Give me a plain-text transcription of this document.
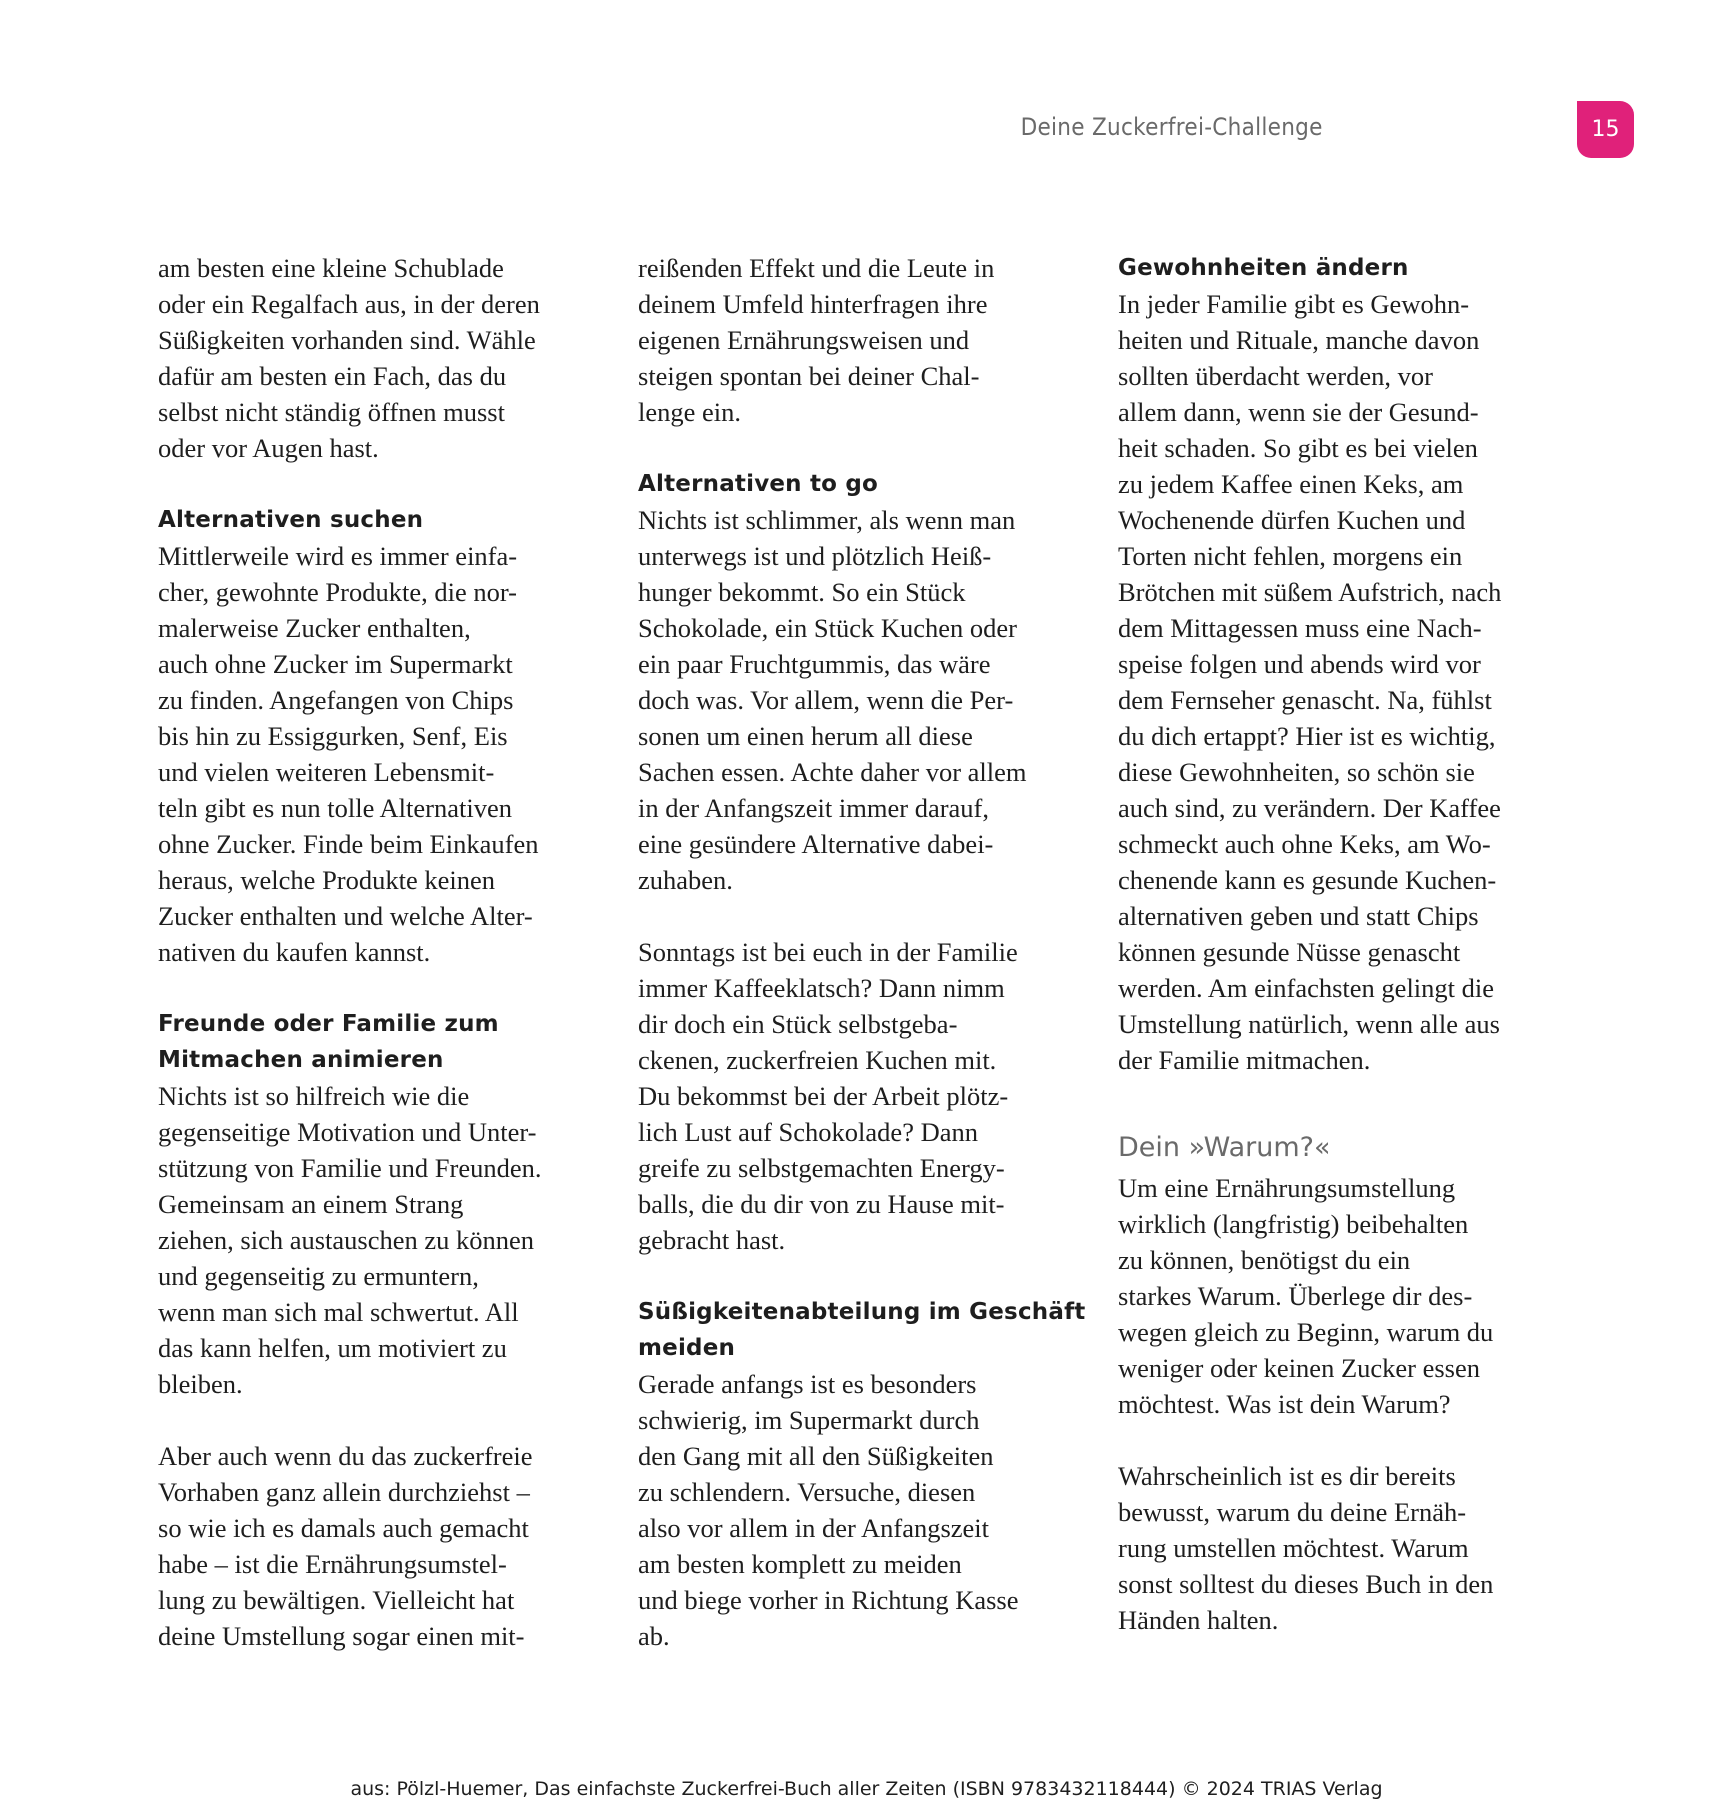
Deine Zuckerfrei-Challenge	15
am besten eine kleine Schublade
oder ein Regalfach aus, in der deren
Süßigkeiten vorhanden sind. Wähle
dafür am besten ein Fach, das du
selbst nicht ständig öffnen musst
oder vor Augen hast.
Alternativen suchen
Mittlerweile wird es immer einfa-
cher, gewohnte Produkte, die nor-
malerweise Zucker enthalten,
auch ohne Zucker im Supermarkt
zu finden. Angefangen von Chips
bis hin zu Essiggurken, Senf, Eis
und vielen weiteren Lebensmit-
teln gibt es nun tolle Alternativen
ohne Zucker. Finde beim Einkaufen
heraus, welche Produkte keinen
Zucker enthalten und welche Alter-
nativen du kaufen kannst.
Freunde oder Familie zum
Mitmachen animieren
Nichts ist so hilfreich wie die
gegenseitige Motivation und Unter-
stützung von Familie und Freunden.
Gemeinsam an einem Strang
ziehen, sich austauschen zu können
und gegenseitig zu ermuntern,
wenn man sich mal schwertut. All
das kann helfen, um motiviert zu
bleiben.
Aber auch wenn du das zuckerfreie
Vorhaben ganz allein durchziehst –
so wie ich es damals auch gemacht
habe – ist die Ernährungsumstel-
lung zu bewältigen. Vielleicht hat
deine Umstellung sogar einen mit-
reißenden Effekt und die Leute in
deinem Umfeld hinterfragen ihre
eigenen Ernährungsweisen und
steigen spontan bei deiner Chal-
lenge ein.
Alternativen to go
Nichts ist schlimmer, als wenn man
unterwegs ist und plötzlich Heiß-
hunger bekommt. So ein Stück
Schokolade, ein Stück Kuchen oder
ein paar Fruchtgummis, das wäre
doch was. Vor allem, wenn die Per-
sonen um einen herum all diese
Sachen essen. Achte daher vor allem
in der Anfangszeit immer darauf,
eine gesündere Alternative dabei-
zuhaben.
Sonntags ist bei euch in der Familie
immer Kaffeeklatsch? Dann nimm
dir doch ein Stück selbstgeba-
ckenen, zuckerfreien Kuchen mit.
Du bekommst bei der Arbeit plötz-
lich Lust auf Schokolade? Dann
greife zu selbstgemachten Energy-
balls, die du dir von zu Hause mit-
gebracht hast.
Süßigkeitenabteilung im Geschäft
meiden
Gerade anfangs ist es besonders
schwierig, im Supermarkt durch
den Gang mit all den Süßigkeiten
zu schlendern. Versuche, diesen
also vor allem in der Anfangszeit
am besten komplett zu meiden
und biege vorher in Richtung Kasse
ab.
Gewohnheiten ändern
In jeder Familie gibt es Gewohn-
heiten und Rituale, manche davon
sollten überdacht werden, vor
allem dann, wenn sie der Gesund-
heit schaden. So gibt es bei vielen
zu jedem Kaffee einen Keks, am
Wochenende dürfen Kuchen und
Torten nicht fehlen, morgens ein
Brötchen mit süßem Aufstrich, nach
dem Mittagessen muss eine Nach-
speise folgen und abends wird vor
dem Fernseher genascht. Na, fühlst
du dich ertappt? Hier ist es wichtig,
diese Gewohnheiten, so schön sie
auch sind, zu verändern. Der Kaffee
schmeckt auch ohne Keks, am Wo-
chenende kann es gesunde Kuchen-
alternativen geben und statt Chips
können gesunde Nüsse genascht
werden. Am einfachsten gelingt die
Umstellung natürlich, wenn alle aus
der Familie mitmachen.
Dein »Warum?«
Um eine Ernährungsumstellung
wirklich (langfristig) beibehalten
zu können, benötigst du ein
starkes Warum. Überlege dir des-
wegen gleich zu Beginn, warum du
weniger oder keinen Zucker essen
möchtest. Was ist dein Warum?
Wahrscheinlich ist es dir bereits
bewusst, warum du deine Ernäh-
rung umstellen möchtest. Warum
sonst solltest du dieses Buch in den
Händen halten.
aus: Pölzl-Huemer, Das einfachste Zuckerfrei-Buch aller Zeiten (ISBN 9783432118444) © 2024 TRIAS Verlag
